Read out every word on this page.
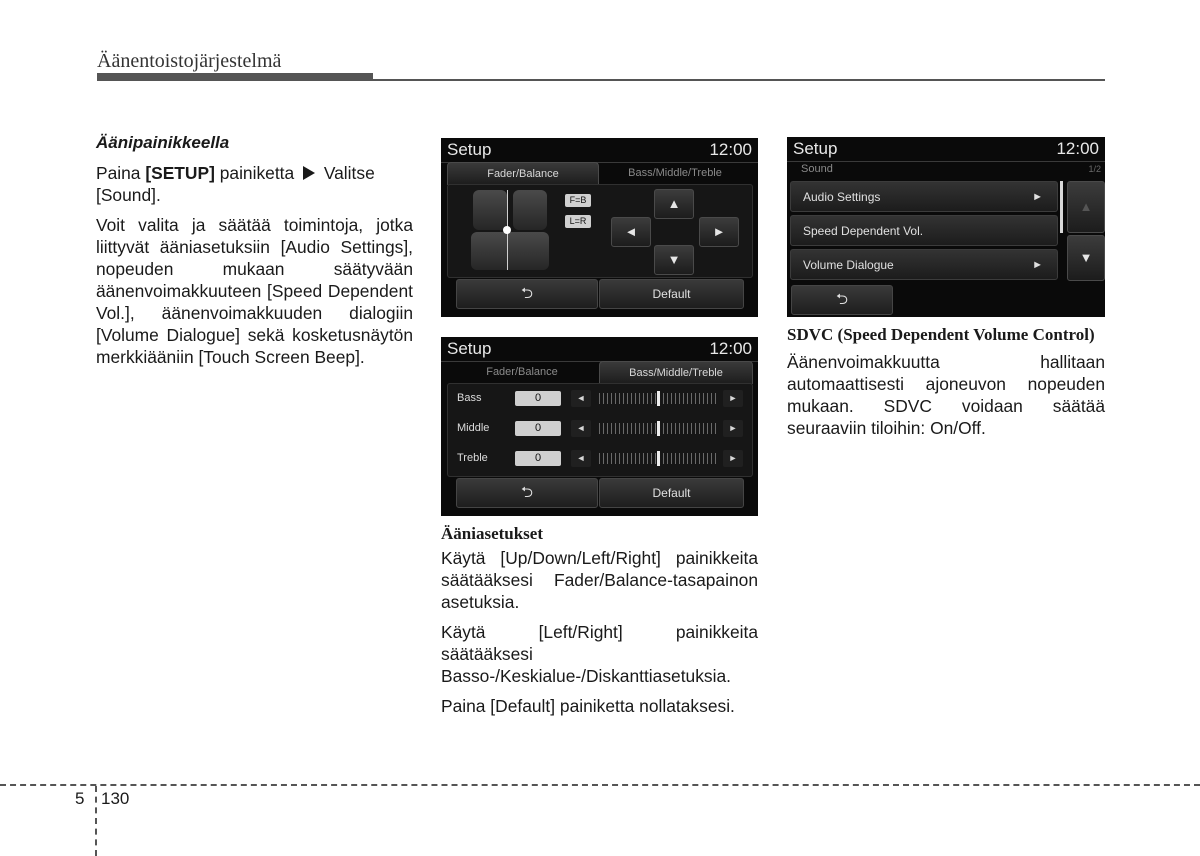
Äänentoistojärjestelmä

Äänipainikkeella

Paina [SETUP] painiketta  Valitse [Sound].

Voit valita ja säätää toimintoja, jotka liittyvät ääniasetuksiin [Audio Settings], nopeuden mukaan säätyvään äänenvoimakkuuteen [Speed Dependent Vol.], äänenvoimakkuuden dialogiin [Volume Dialogue] sekä kosketusnäytön merkkiääniin [Touch Screen Beep].

Setup	12:00
Fader/Balance	Bass/Middle/Treble
F=B
L=R
▲
◄	►
▼
⮌	Default
Setup	12:00
Fader/Balance	Bass/Middle/Treble
Bass	0	◄	►
Middle	0	◄	►
Treble	0	◄	►
⮌	Default

Ääniasetukset

Käytä [Up/Down/Left/Right] painikkeita säätääksesi Fader/Balance-tasapainon asetuksia.

Käytä [Left/Right] painikkeita säätääksesi Basso-/Keskialue-/Diskanttiasetuksia.

Paina [Default] painiketta nollataksesi.

Setup	12:00
Sound	1/2
Audio Settings	►
Speed Dependent Vol.
Volume Dialogue	►
▲
▼
⮌

SDVC (Speed Dependent Volume Control)

Äänenvoimakkuutta hallitaan automaattisesti ajoneuvon nopeuden mukaan. SDVC voidaan säätää seuraaviin tiloihin: On/Off.

5 130
